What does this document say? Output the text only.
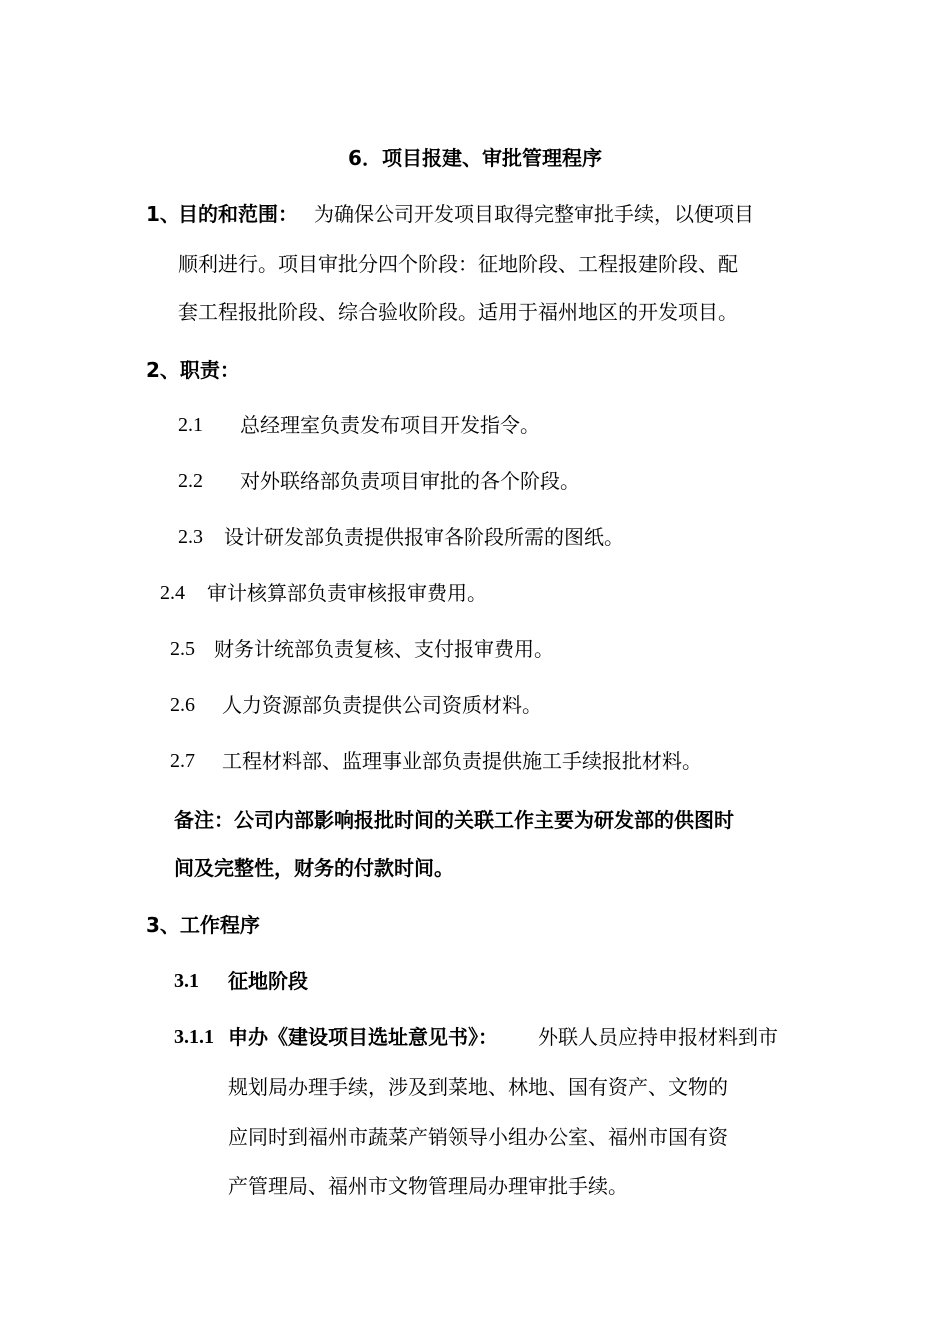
6．项目报建、审批管理程序
1、
目的和范围： 为确保公司开发项目取得完整审批手续，以便项目
顺利进行。项目审批分四个阶段：征地阶段、工程报建阶段、配
套工程报批阶段、综合验收阶段。适用于福州地区的开发项目。
2、职责：
2.1 总经理室负责发布项目开发指令。
2.2 对外联络部负责项目审批的各个阶段。
2.3 设计研发部负责提供报审各阶段所需的图纸。
2.4 审计核算部负责审核报审费用。
2.5 财务计统部负责复核、支付报审费用。
2.6 人力资源部负责提供公司资质材料。
2.7 工程材料部、监理事业部负责提供施工手续报批材料。
备注：公司内部影响报批时间的关联工作主要为研发部的供图时
间及完整性，财务的付款时间。
3、工作程序
3.1 征地阶段
3.1.1 申办《建设项目选址意见书》： 外联人员应持申报材料到市
规划局办理手续，涉及到菜地、林地、国有资产、文物的
应同时到福州市蔬菜产销领导小组办公室、福州市国有资
产管理局、福州市文物管理局办理审批手续。
